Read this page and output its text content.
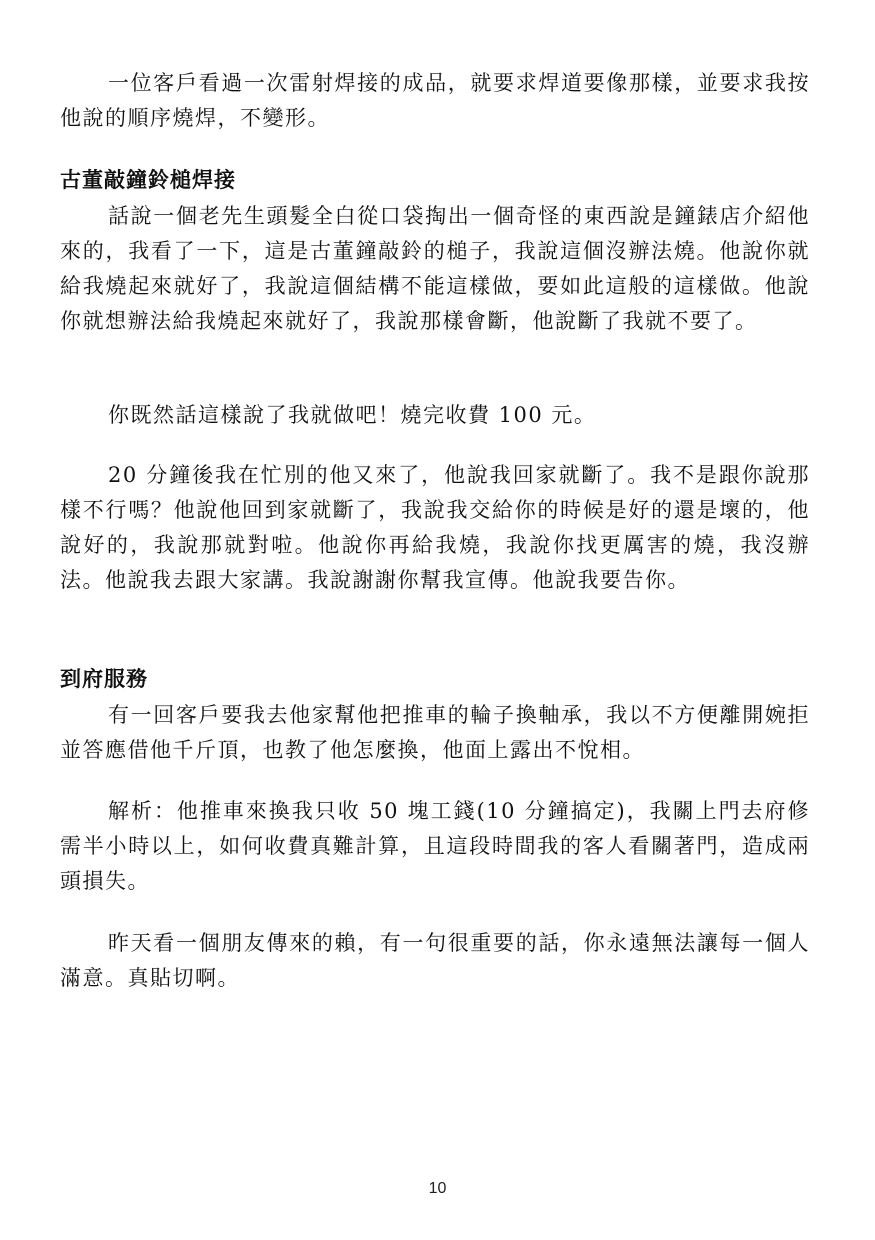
一位客戶看過一次雷射焊接的成品，就要求焊道要像那樣，並要求我按他說的順序燒焊，不變形。

古董敲鐘鈴槌焊接

話說一個老先生頭髮全白從口袋掏出一個奇怪的東西說是鐘錶店介紹他來的，我看了一下，這是古董鐘敲鈴的槌子，我說這個沒辦法燒。他說你就給我燒起來就好了，我說這個結構不能這樣做，要如此這般的這樣做。他說你就想辦法給我燒起來就好了，我說那樣會斷，他說斷了我就不要了。

你既然話這樣說了我就做吧！燒完收費 100 元。

20 分鐘後我在忙別的他又來了，他說我回家就斷了。我不是跟你說那樣不行嗎？他說他回到家就斷了，我說我交給你的時候是好的還是壞的，他說好的，我說那就對啦。他說你再給我燒，我說你找更厲害的燒，我沒辦法。他說我去跟大家講。我說謝謝你幫我宣傳。他說我要告你。

到府服務

有一回客戶要我去他家幫他把推車的輪子換軸承，我以不方便離開婉拒並答應借他千斤頂，也教了他怎麼換，他面上露出不悅相。

解析：他推車來換我只收 50 塊工錢(10 分鐘搞定)，我關上門去府修需半小時以上，如何收費真難計算，且這段時間我的客人看關著門，造成兩頭損失。

昨天看一個朋友傳來的賴，有一句很重要的話，你永遠無法讓每一個人滿意。真貼切啊。

10
